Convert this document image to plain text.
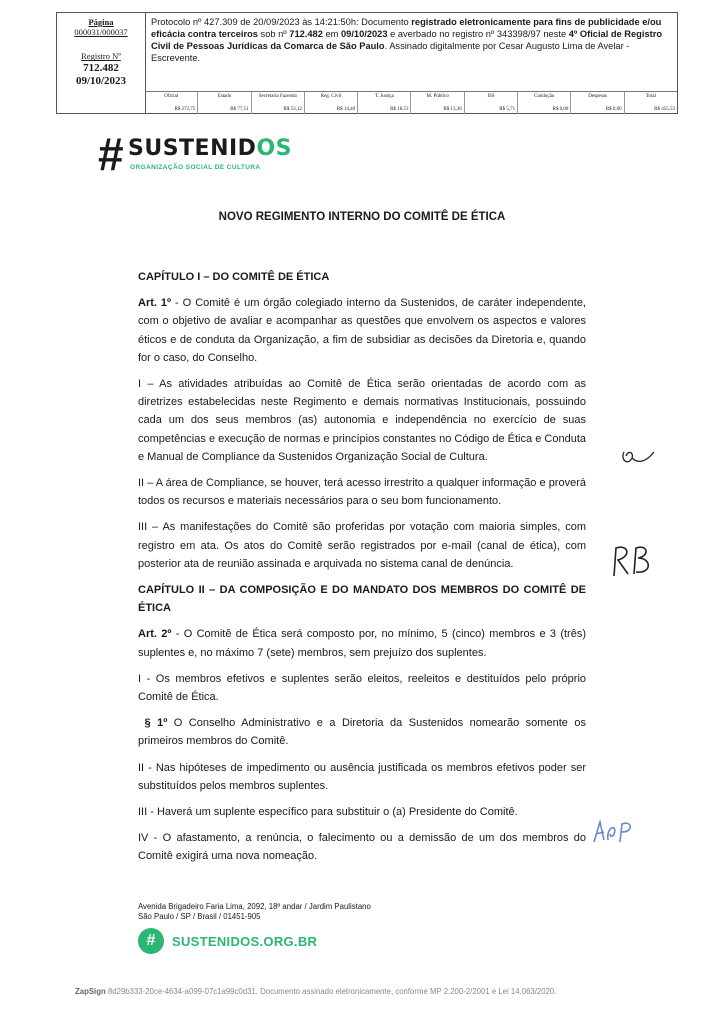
Página
000031/000037
Registro Nº
712.482
09/10/2023
Protocolo nº 427.309 de 20/09/2023 às 14:21:50h: Documento registrado eletronicamente para fins de publicidade e/ou eficácia contra terceiros sob nº 712.482 em 09/10/2023 e averbado no registro nº 343398/97 neste 4º Oficial de Registro Civil de Pessoas Jurídicas da Comarca de São Paulo. Assinado digitalmente por Cesar Augusto Lima de Avelar - Escrevente.
Oficial
R$ 272,75
Estado
R$ 77,51
Secretaria Fazenda
R$ 53,12
Reg. Civil
R$ 14,40
T. Justiça
R$ 18,53
M. Público
R$ 13,36
ISS
R$ 5,71
Condução
R$ 0,00
Despesas
R$ 0,00
Total
R$ 455,53
# SUSTENIDOS
ORGANIZAÇÃO SOCIAL DE CULTURA
NOVO REGIMENTO INTERNO DO COMITÊ DE ÉTICA
CAPÍTULO I – DO COMITÊ DE ÉTICA

Art. 1º - O Comitê é um órgão colegiado interno da Sustenidos, de caráter independente, com o objetivo de avaliar e acompanhar as questões que envolvem os aspectos e valores éticos e de conduta da Organização, a fim de subsidiar as decisões da Diretoria e, quando for o caso, do Conselho.

I – As atividades atribuídas ao Comitê de Ética serão orientadas de acordo com as diretrizes estabelecidas neste Regimento e demais normativas Institucionais, possuindo cada um dos seus membros (as) autonomia e independência no exercício de suas competências e execução de normas e princípios constantes no Código de Ética e Conduta e Manual de Compliance da Sustenidos Organização Social de Cultura.

II – A área de Compliance, se houver, terá acesso irrestrito a qualquer informação e proverá todos os recursos e materiais necessários para o seu bom funcionamento.

III – As manifestações do Comitê são proferidas por votação com maioria simples, com registro em ata. Os atos do Comitê serão registrados por e-mail (canal de ética), com posterior ata de reunião assinada e arquivada no sistema canal de denúncia.

CAPÍTULO II – DA COMPOSIÇÃO E DO MANDATO DOS MEMBROS DO COMITÊ DE ÉTICA

Art. 2º - O Comitê de Ética será composto por, no mínimo, 5 (cinco) membros e 3 (três) suplentes e, no máximo 7 (sete) membros, sem prejuízo dos suplentes.

I - Os membros efetivos e suplentes serão eleitos, reeleitos e destituídos pelo próprio Comitê de Ética.

§ 1º O Conselho Administrativo e a Diretoria da Sustenidos nomearão somente os primeiros membros do Comitê.

II - Nas hipóteses de impedimento ou ausência justificada os membros efetivos poder ser substituídos pelos membros suplentes.

III - Haverá um suplente específico para substituir o (a) Presidente do Comitê.

IV - O afastamento, a renúncia, o falecimento ou a demissão de um dos membros do Comitê exigirá uma nova nomeação.

Avenida Brigadeiro Faria Lima, 2092, 18º andar / Jardim Paulistano
São Paulo / SP / Brasil / 01451-905
#	SUSTENIDOS.ORG.BR
ZapSign 8d29b333-20ce-4634-a099-07c1a99c0d31. Documento assinado eletronicamente, conforme MP 2.200-2/2001 e Lei 14.063/2020.
